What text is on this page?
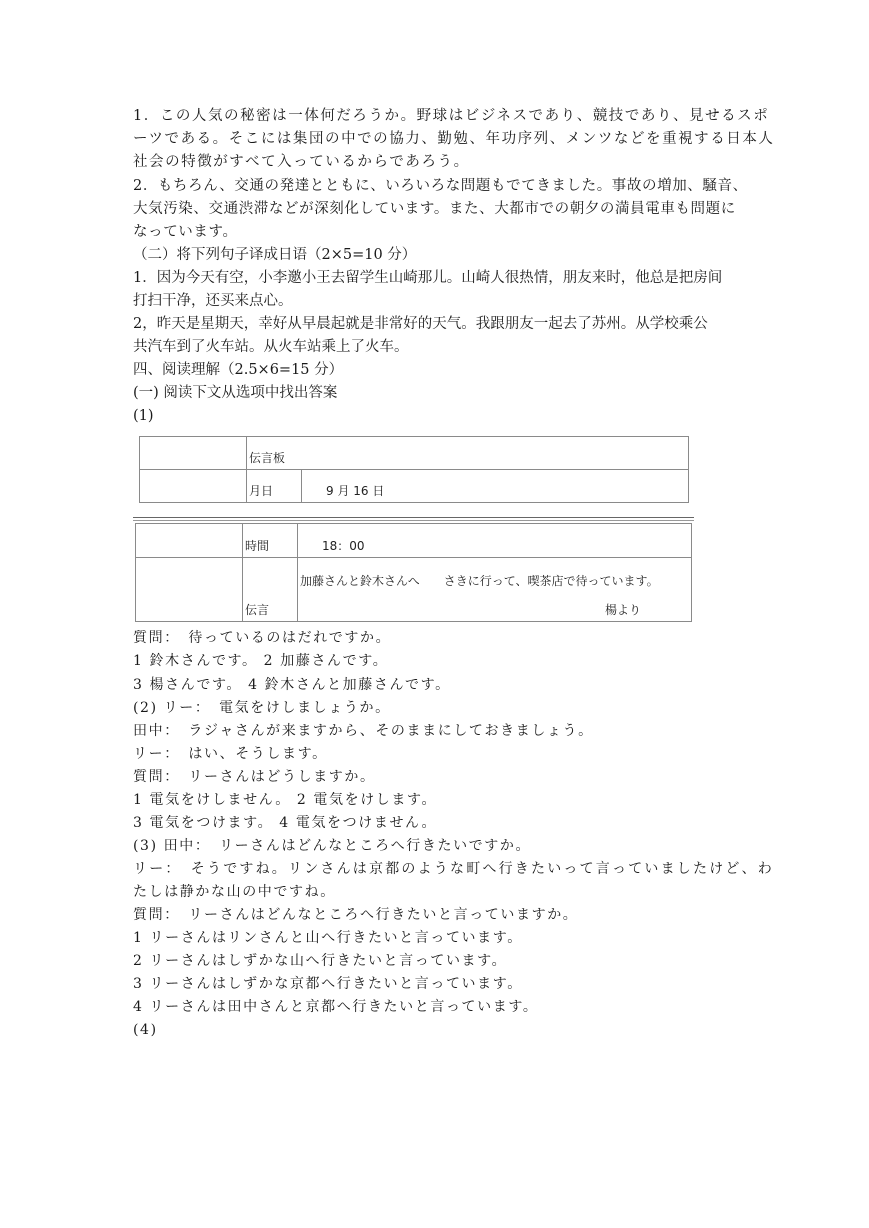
1．この人気の秘密は一体何だろうか。野球はビジネスであり、競技であり、見せるスポ
ーツである。そこには集団の中での協力、勤勉、年功序列、メンツなどを重視する日本人
社会の特徴がすべて入っているからであろう。
2．もちろん、交通の発達とともに、いろいろな問題もでてきました。事故の増加、騒音、
大気汚染、交通渋滞などが深刻化しています。また、大都市での朝夕の満員電車も問題に
なっています。
（二）将下列句子译成日语（2×5=10 分）
1．因为今天有空，小李邀小王去留学生山崎那儿。山崎人很热情，朋友来时，他总是把房间
打扫干净，还买来点心。
2，昨天是星期天，幸好从早晨起就是非常好的天气。我跟朋友一起去了苏州。从学校乘公
共汽车到了火车站。从火车站乘上了火车。
四、阅读理解（2.5×6=15 分）
(一) 阅读下文从选项中找出答案
(1)
	伝言板	
	月日	9 月 16 日
	時間	18：00
	伝言	加藤さんと鈴木さんへ　　さきに行って、喫茶店で待っています。
楊より
質問：　待っているのはだれですか。
1 鈴木さんです。 2 加藤さんです。
3 楊さんです。 4 鈴木さんと加藤さんです。
(2) リー：　電気をけしましょうか。
田中：　ラジャさんが来ますから、そのままにしておきましょう。
リー：　はい、そうします。
質問：　リーさんはどうしますか。
1 電気をけしません。 2 電気をけします。
3 電気をつけます。 4 電気をつけません。
(3) 田中：　リーさんはどんなところへ行きたいですか。
リー：　そうですね。リンさんは京都のような町へ行きたいって言っていましたけど、わ
たしは静かな山の中ですね。
質問：　リーさんはどんなところへ行きたいと言っていますか。
1 リーさんはリンさんと山へ行きたいと言っています。
2 リーさんはしずかな山へ行きたいと言っています。
3 リーさんはしずかな京都へ行きたいと言っています。
4 リーさんは田中さんと京都へ行きたいと言っています。
(4)
